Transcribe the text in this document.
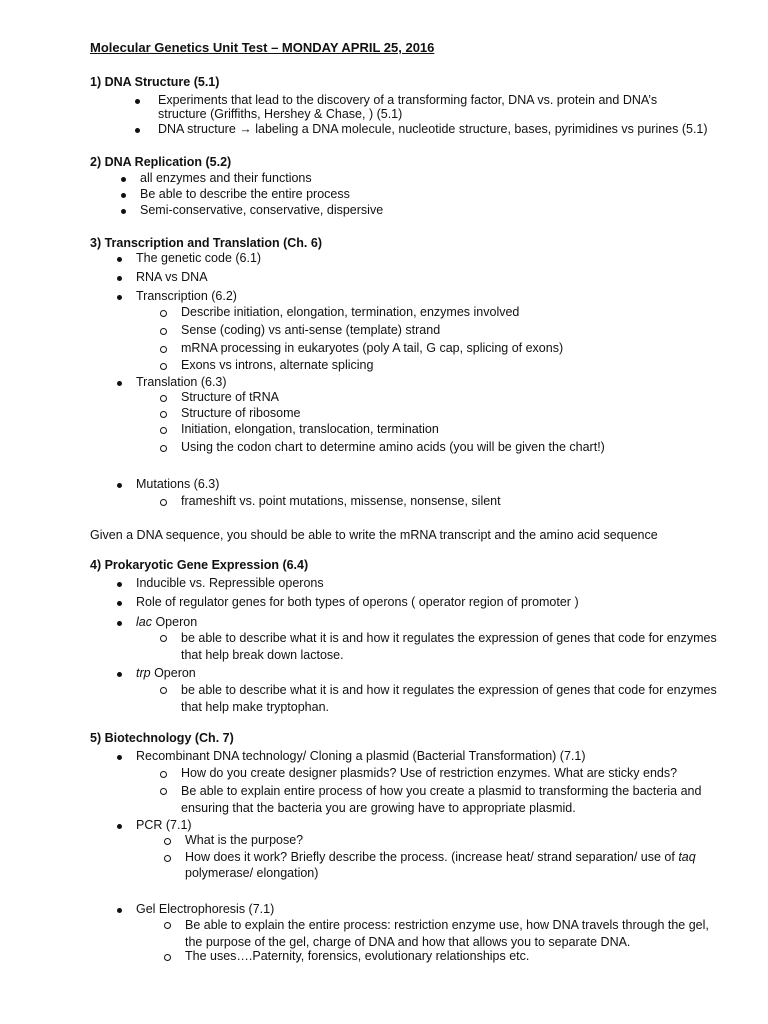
Molecular Genetics Unit Test – MONDAY APRIL 25, 2016
1) DNA Structure (5.1)
Experiments that lead to the discovery of a transforming factor, DNA vs. protein and DNA’s
structure (Griffiths, Hershey & Chase, ) (5.1)
DNA structure → labeling a DNA molecule, nucleotide structure, bases, pyrimidines vs purines (5.1)
2) DNA Replication (5.2)
all enzymes and their functions
Be able to describe the entire process
Semi-conservative, conservative, dispersive
3) Transcription and Translation (Ch. 6)
The genetic code (6.1)
RNA vs DNA
Transcription (6.2)
Describe initiation, elongation, termination, enzymes involved
Sense (coding) vs anti-sense (template) strand
mRNA processing in eukaryotes (poly A tail, G cap, splicing of exons)
Exons vs introns, alternate splicing
Translation (6.3)
Structure of tRNA
Structure of ribosome
Initiation, elongation, translocation, termination
Using the codon chart to determine amino acids (you will be given the chart!)
Mutations (6.3)
frameshift vs. point mutations, missense, nonsense, silent
Given a DNA sequence, you should be able to write the mRNA transcript and the amino acid sequence
4) Prokaryotic Gene Expression (6.4)
Inducible vs. Repressible operons
Role of regulator genes for both types of operons ( operator region of promoter )
lac Operon
be able to describe what it is and how it regulates the expression of genes that code for enzymes that help break down lactose.
trp Operon
be able to describe what it is and how it regulates the expression of genes that code for enzymes that help make tryptophan.
5) Biotechnology (Ch. 7)
Recombinant DNA technology/ Cloning a plasmid (Bacterial Transformation) (7.1)
How do you create designer plasmids? Use of restriction enzymes. What are sticky ends?
Be able to explain entire process of how you create a plasmid to transforming the bacteria and ensuring that the bacteria you are growing have to appropriate plasmid.
PCR (7.1)
What is the purpose?
How does it work? Briefly describe the process. (increase heat/ strand separation/ use of taq
polymerase/ elongation)
Gel Electrophoresis (7.1)
Be able to explain the entire process: restriction enzyme use, how DNA travels through the gel, the purpose of the gel, charge of DNA and how that allows you to separate DNA.
The uses….Paternity, forensics, evolutionary relationships etc.
